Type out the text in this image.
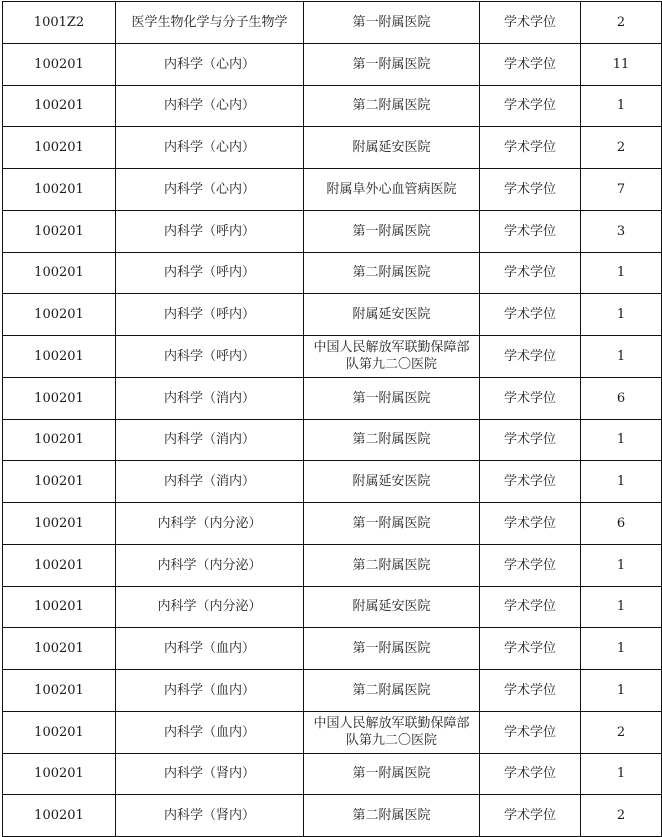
1001Z2	医学生物化学与分子生物学	第一附属医院	学术学位	2
100201	内科学（心内）	第一附属医院	学术学位	11
100201	内科学（心内）	第二附属医院	学术学位	1
100201	内科学（心内）	附属延安医院	学术学位	2
100201	内科学（心内）	附属阜外心血管病医院	学术学位	7
100201	内科学（呼内）	第一附属医院	学术学位	3
100201	内科学（呼内）	第二附属医院	学术学位	1
100201	内科学（呼内）	附属延安医院	学术学位	1
100201	内科学（呼内）	中国人民解放军联勤保障部队第九二〇医院	学术学位	1
100201	内科学（消内）	第一附属医院	学术学位	6
100201	内科学（消内）	第二附属医院	学术学位	1
100201	内科学（消内）	附属延安医院	学术学位	1
100201	内科学（内分泌）	第一附属医院	学术学位	6
100201	内科学（内分泌）	第二附属医院	学术学位	1
100201	内科学（内分泌）	附属延安医院	学术学位	1
100201	内科学（血内）	第一附属医院	学术学位	1
100201	内科学（血内）	第二附属医院	学术学位	1
100201	内科学（血内）	中国人民解放军联勤保障部队第九二〇医院	学术学位	2
100201	内科学（肾内）	第一附属医院	学术学位	1
100201	内科学（肾内）	第二附属医院	学术学位	2
